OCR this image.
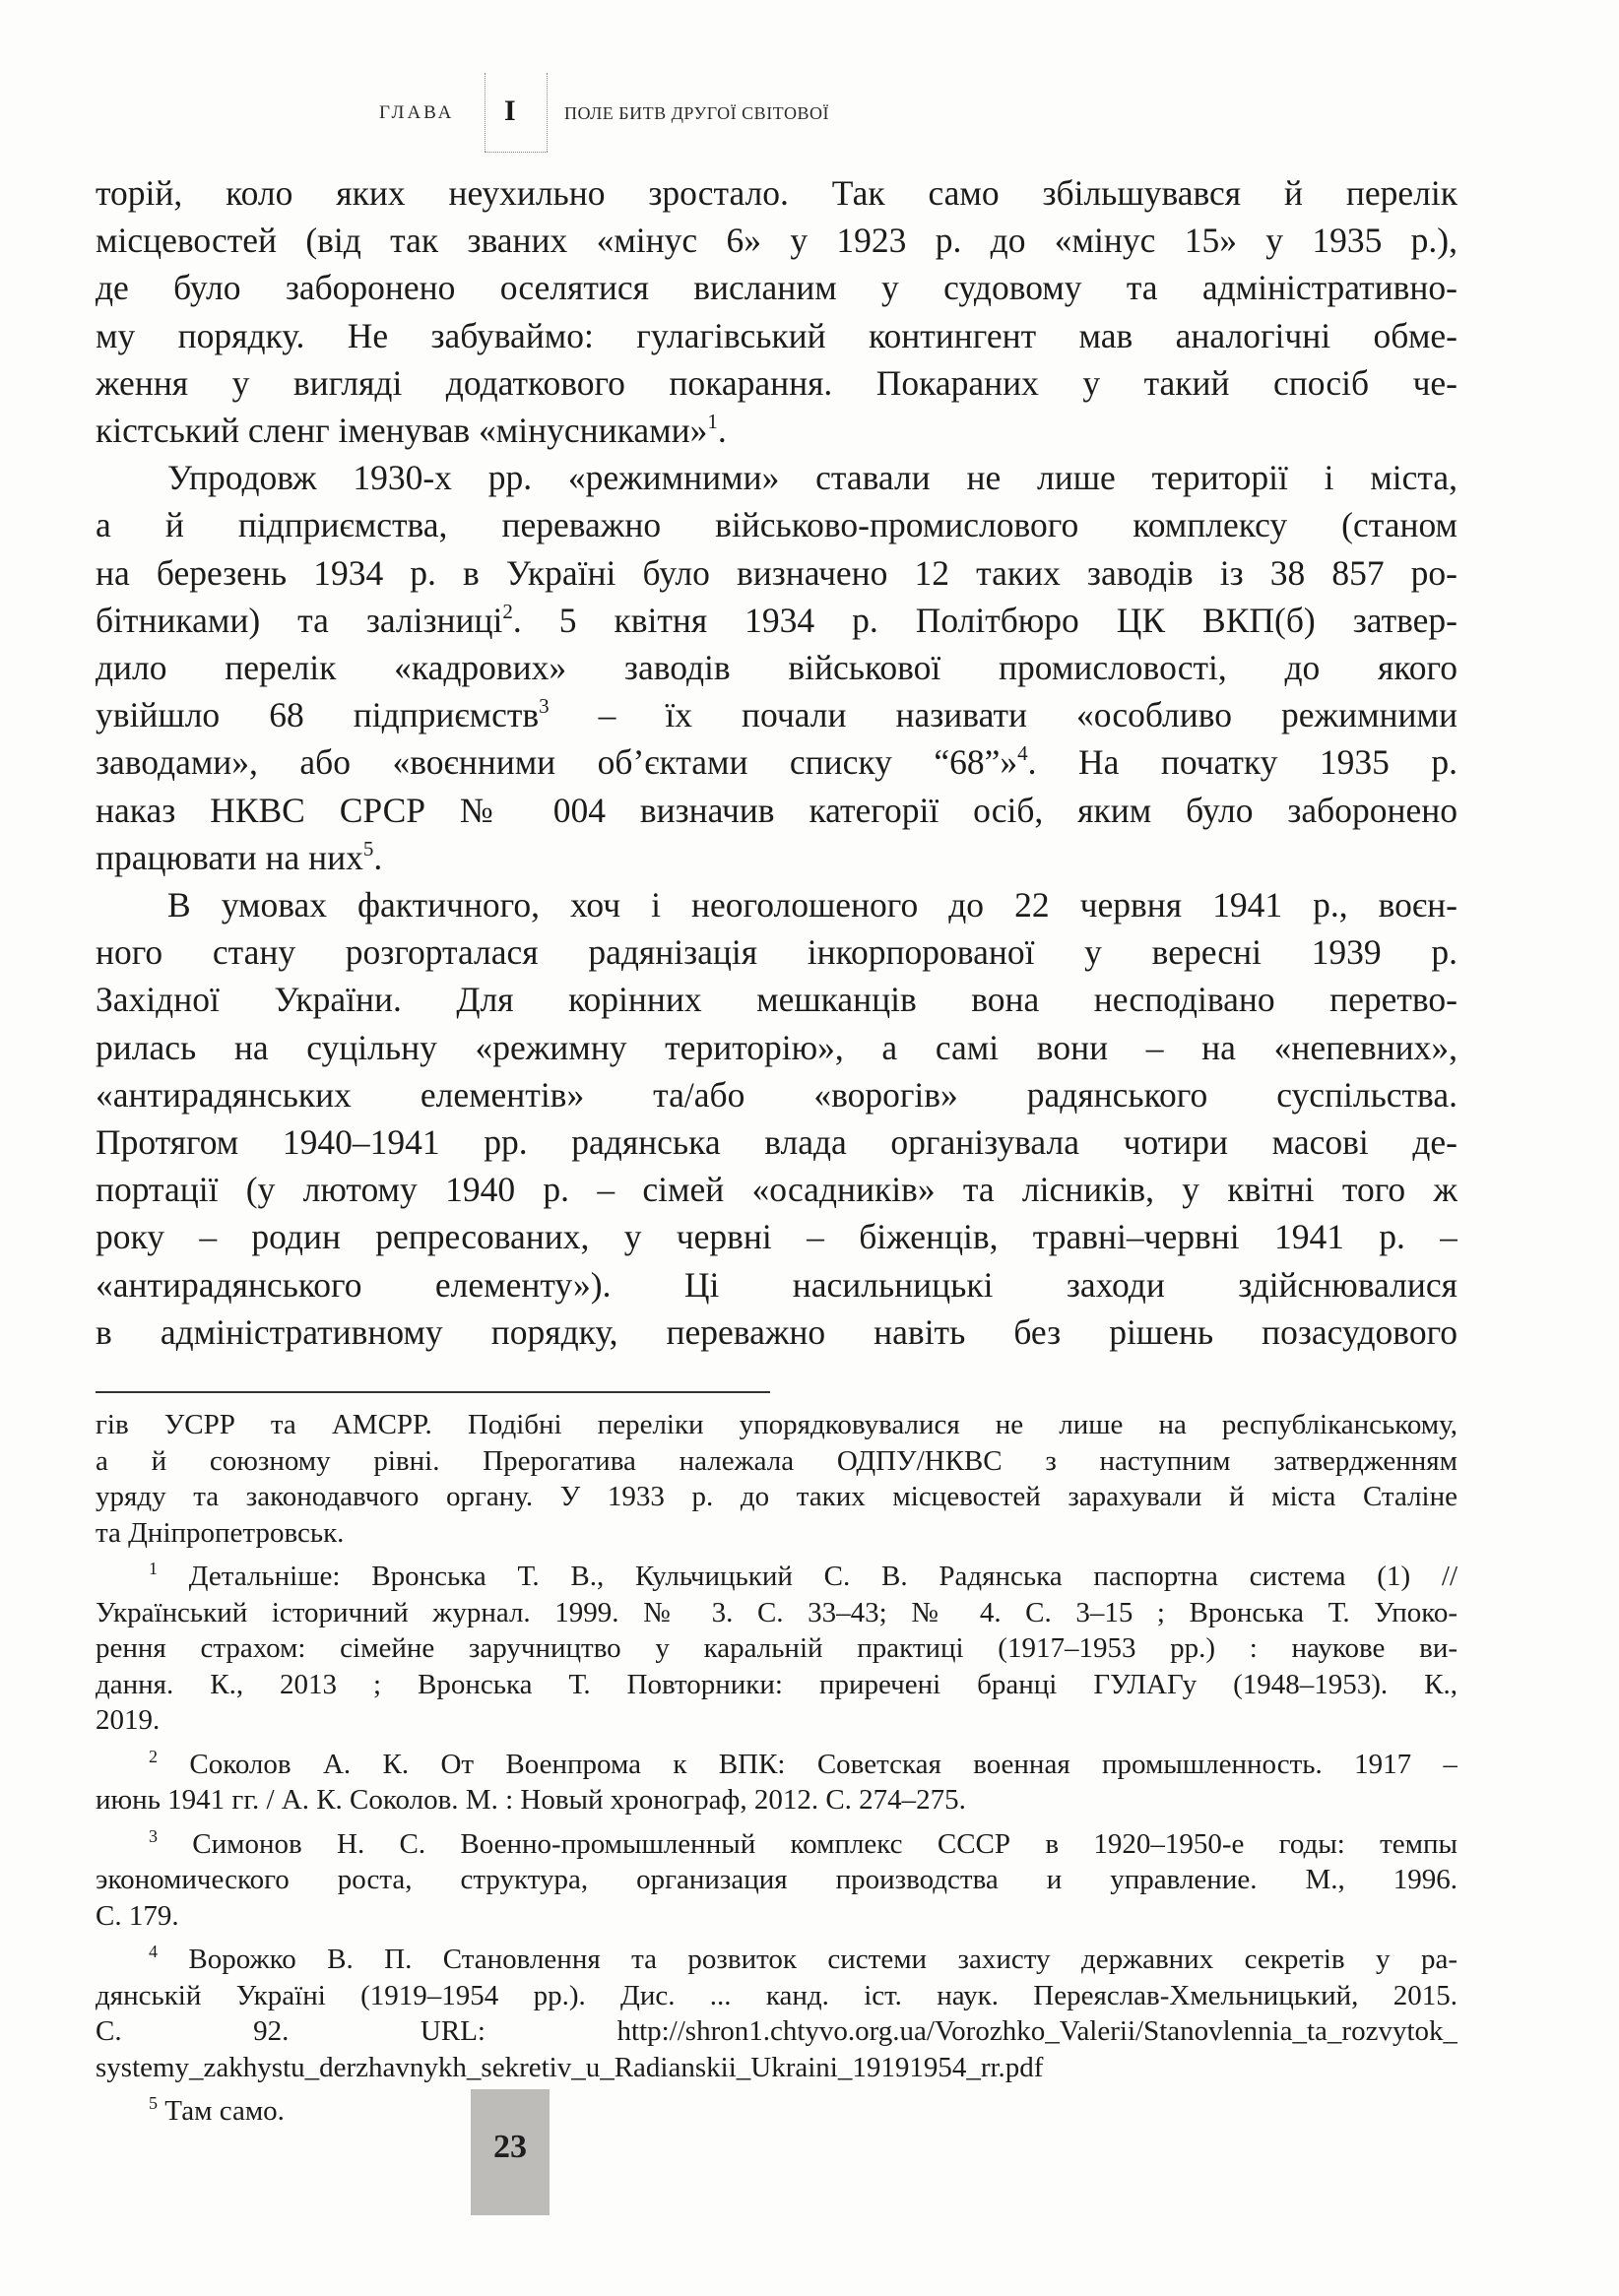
ГЛАВА I	ПОЛЕ БИТВ ДРУГОЇ СВІТОВОЇ
торій, коло яких неухильно зростало. Так само збільшувався й перелік
місцевостей (від так званих «мінус 6» у 1923 р. до «мінус 15» у 1935 р.),
де було заборонено оселятися висланим у судовому та адміністративно-
му порядку. Не забуваймо: гулагівський контингент мав аналогічні обме-
ження у вигляді додаткового покарання. Покараних у такий спосіб че-
кістський сленг іменував «мінусниками»$^1$.
Упродовж 1930-х рр. «режимними» ставали не лише території і міста,
а й підприємства, переважно військово-промислового комплексу (станом
на березень 1934 р. в Україні було визначено 12 таких заводів із 38 857 ро-
бітниками) та залізниці$^2$. 5 квітня 1934 р. Політбюро ЦК ВКП(б) затвер-
дило перелік «кадрових» заводів військової промисловості, до якого
увійшло 68 підприємств$^3$ – їх почали називати «особливо режимними
заводами», або «воєнними об’єктами списку “68”»$^4$. На початку 1935 р.
наказ НКВС СРСР № 004 визначив категорії осіб, яким було заборонено
працювати на них$^5$.
В умовах фактичного, хоч і неоголошеного до 22 червня 1941 р., воєн-
ного стану розгорталася радянізація інкорпорованої у вересні 1939 р.
Західної України. Для корінних мешканців вона несподівано перетво-
рилась на суцільну «режимну територію», а самі вони – на «непевних»,
«антирадянських елементів» та/або «ворогів» радянського суспільства.
Протягом 1940–1941 рр. радянська влада організувала чотири масові де-
портації (у лютому 1940 р. – сімей «осадників» та лісників, у квітні того ж
року – родин репресованих, у червні – біженців, травні–червні 1941 р. –
«антирадянського елементу»). Ці насильницькі заходи здійснювалися
в адміністративному порядку, переважно навіть без рішень позасудового
гів УСРР та АМСРР. Подібні переліки упорядковувалися не лише на республіканському,
а й союзному рівні. Прерогатива належала ОДПУ/НКВС з наступним затвердженням
уряду та законодавчого органу. У 1933 р. до таких місцевостей зарахували й міста Сталіне
та Дніпропетровськ.
$^1$ Детальніше: Вронська Т. В., Кульчицький С. В. Радянська паспортна система (1) //
Український історичний журнал. 1999. № 3. С. 33–43; № 4. С. 3–15 ; Вронська Т. Упоко-
рення страхом: сімейне заручництво у каральній практиці (1917–1953 рр.) : наукове ви-
дання. К., 2013 ; Вронська Т. Повторники: приречені бранці ГУЛАГу (1948–1953). К.,
2019.
$^2$ Соколов А. К. От Военпрома к ВПК: Советская военная промышленность. 1917 –
июнь 1941 гг. / А. К. Соколов. М. : Новый хронограф, 2012. С. 274–275.
$^3$ Симонов Н. С. Военно-промышленный комплекс СССР в 1920–1950-е годы: темпы
экономического роста, структура, организация производства и управление. М., 1996.
С. 179.
$^4$ Ворожко В. П. Становлення та розвиток системи захисту державних секретів у ра-
дянській Україні (1919–1954 рр.). Дис. ... канд. іст. наук. Переяслав-Хмельницький, 2015.
С. 92. URL: http://shron1.chtyvo.org.ua/Vorozhko_Valerii/Stanovlennia_ta_rozvytok_
systemy_zakhystu_derzhavnykh_sekretiv_u_Radianskii_Ukraini_19191954_rr.pdf
$^5$ Там само.
23
